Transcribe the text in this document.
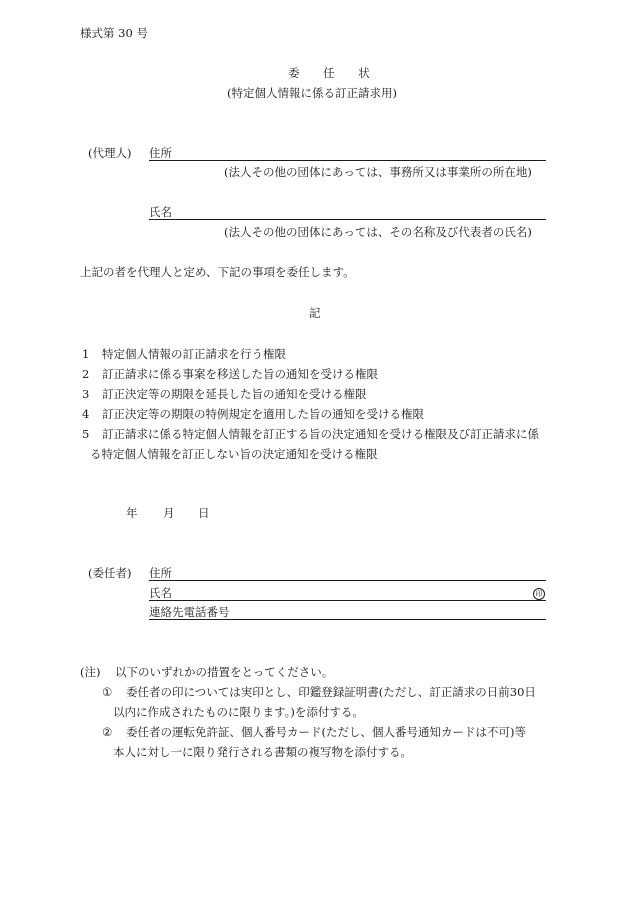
様式第 30 号
委 任 状
(特定個人情報に係る訂正請求用)
(代理人) 住所
(法人その他の団体にあっては、事務所又は事業所の所在地)
氏名
(法人その他の団体にあっては、その名称及び代表者の氏名)
上記の者を代理人と定め、下記の事項を委任します。
記
1 特定個人情報の訂正請求を行う権限
2 訂正請求に係る事案を移送した旨の通知を受ける権限
3 訂正決定等の期限を延長した旨の通知を受ける権限
4 訂正決定等の期限の特例規定を適用した旨の通知を受ける権限
5 訂正請求に係る特定個人情報を訂正する旨の決定通知を受ける権限及び訂正請求に係
る特定個人情報を訂正しない旨の決定通知を受ける権限
年 月 日
(委任者) 住所
氏名	印
連絡先電話番号
(注) 以下のいずれかの措置をとってください。
① 委任者の印については実印とし、印鑑登録証明書(ただし、訂正請求の日前30日
以内に作成されたものに限ります。)を添付する。
② 委任者の運転免許証、個人番号カード(ただし、個人番号通知カードは不可)等
本人に対し一に限り発行される書類の複写物を添付する。
